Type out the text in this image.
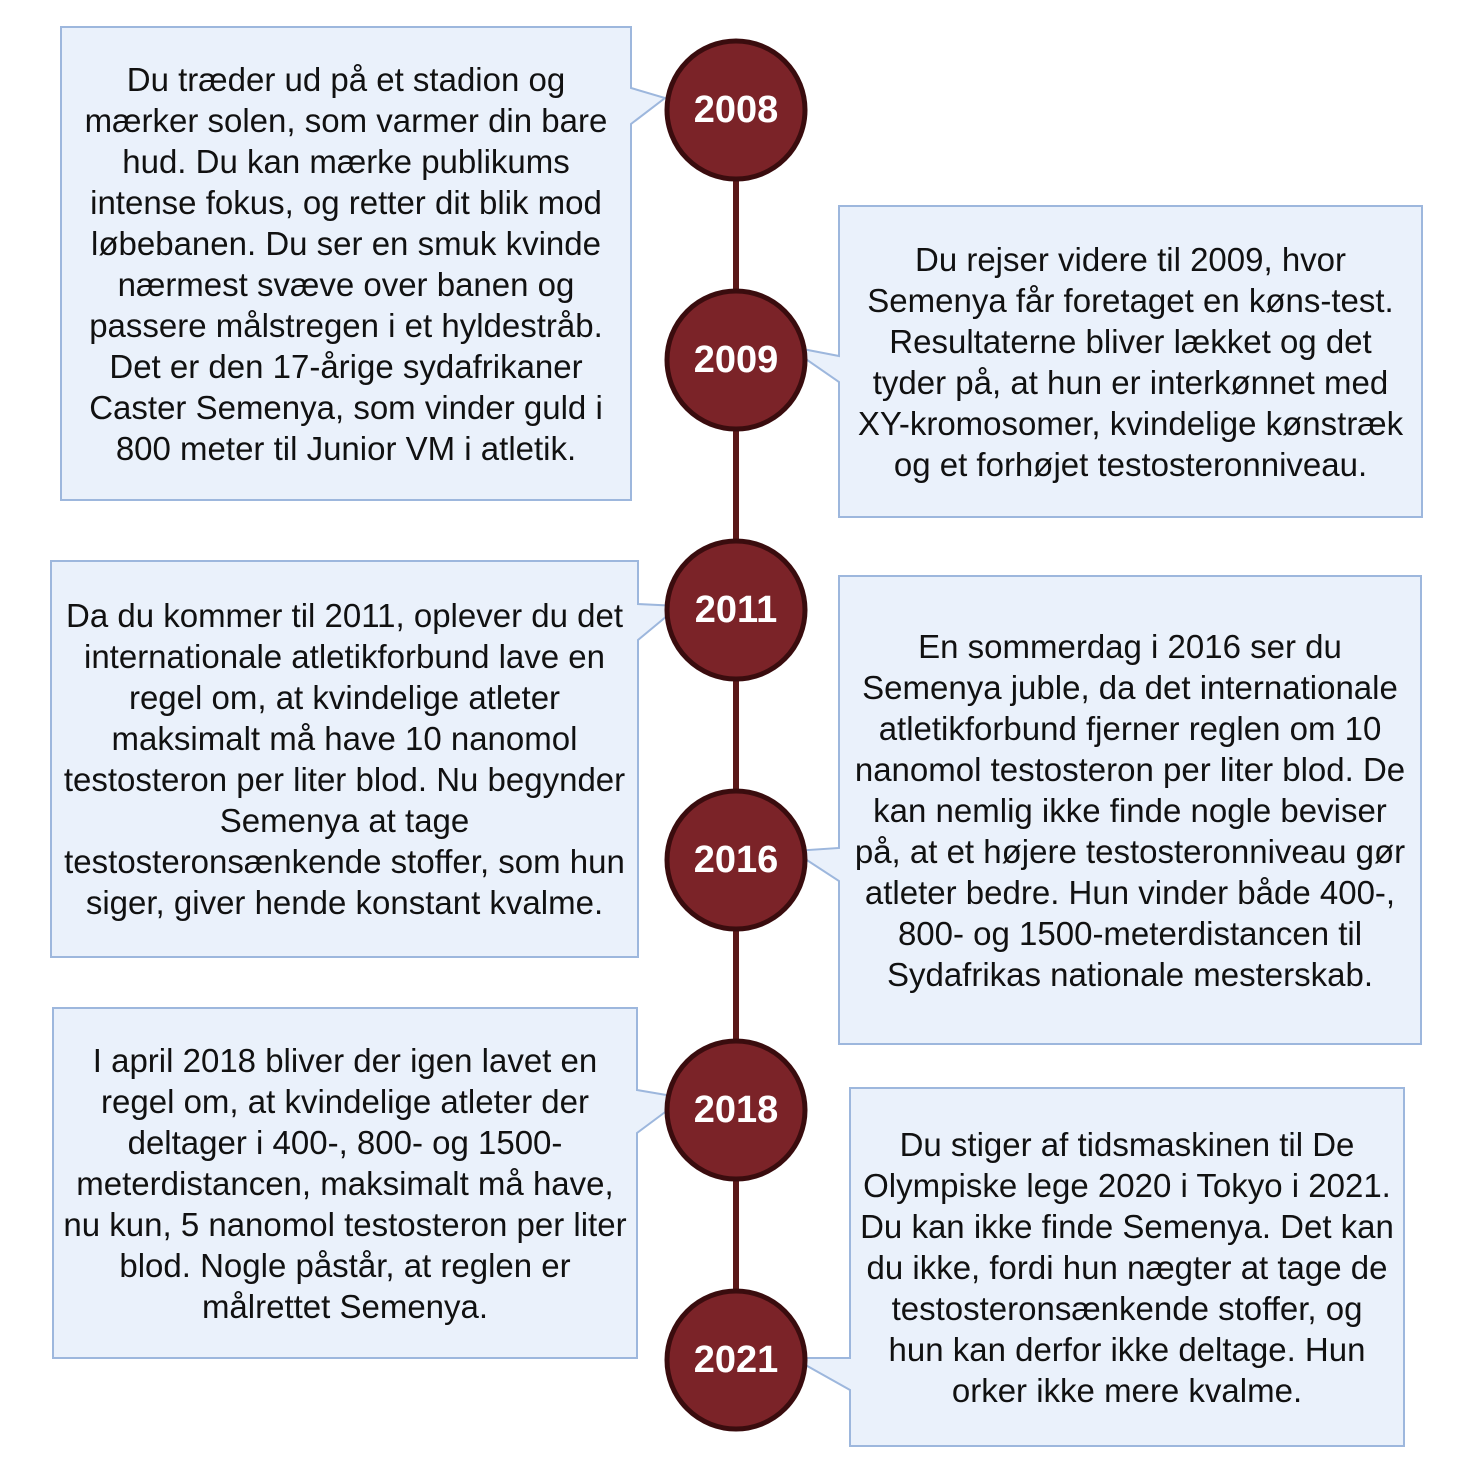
2008
2009
2011
2016
2018
2021
Du træder ud på et stadion og mærker solen, som varmer din bare hud. Du kan mærke publikums intense fokus, og retter dit blik mod løbebanen. Du ser en smuk kvinde nærmest svæve over banen og passere målstregen i et hyldestråb. Det er den 17-årige sydafrikaner Caster Semenya, som vinder guld i 800 meter til Junior VM i atletik.
Du rejser videre til 2009, hvor Semenya får foretaget en køns-test. Resultaterne bliver lækket og det tyder på, at hun er interkønnet med XY-kromosomer, kvindelige kønstræk og et forhøjet testosteronniveau.
Da du kommer til 2011, oplever du det internationale atletikforbund lave en regel om, at kvindelige atleter maksimalt må have 10 nanomol testosteron per liter blod. Nu begynder Semenya at tage testosteronsænkende stoffer, som hun siger, giver hende konstant kvalme.
En sommerdag i 2016 ser du Semenya juble, da det internationale atletikforbund fjerner reglen om 10 nanomol testosteron per liter blod. De kan nemlig ikke finde nogle beviser på, at et højere testosteronniveau gør atleter bedre. Hun vinder både 400-, 800- og 1500-meterdistancen til Sydafrikas nationale mesterskab.
I april 2018 bliver der igen lavet en regel om, at kvindelige atleter der deltager i 400-, 800- og 1500-meterdistancen, maksimalt må have, nu kun, 5 nanomol testosteron per liter blod. Nogle påstår, at reglen er målrettet Semenya.
Du stiger af tidsmaskinen til De Olympiske lege 2020 i Tokyo i 2021. Du kan ikke finde Semenya. Det kan du ikke, fordi hun nægter at tage de testosteronsænkende stoffer, og hun kan derfor ikke deltage. Hun orker ikke mere kvalme.
